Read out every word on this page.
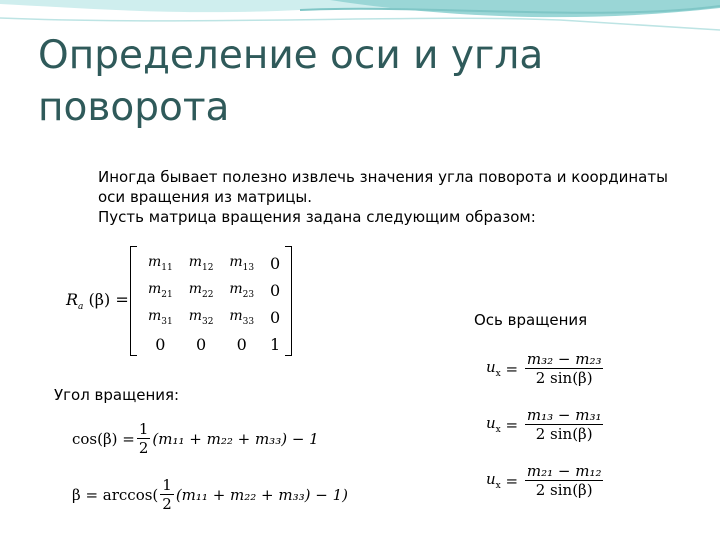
Определение оси и угла
поворота
Иногда бывает полезно извлечь значения угла поворота и координаты
оси вращения из матрицы.
Пусть матрица вращения задана следующим образом:
$R_a$ (β) =
$m_{11}$	$m_{12}$	$m_{13}$ 0
$m_{21}$	$m_{22}$	$m_{23}$ 0
$m_{31}$	$m_{32}$	$m_{33}$ 0
0	0	0	1
Ось вращения
Угол вращения:
$\cos(\beta) = \frac{1}{2} (m_{11} + m_{22} + m_{33}) - 1$
$\beta = \arccos( \frac{1}{2} (m_{11} + m_{22} + m_{33}) - 1)$
$u_x = \frac{\text{m₃₂ − m₂₃}}{2 \sin(\beta)}$
$u_x = \frac{\text{m₁₃ − m₃₁}}{2 \sin(\beta)}$
$u_x = \frac{\text{m₂₁ − m₁₂}}{2 \sin(\beta)}$
